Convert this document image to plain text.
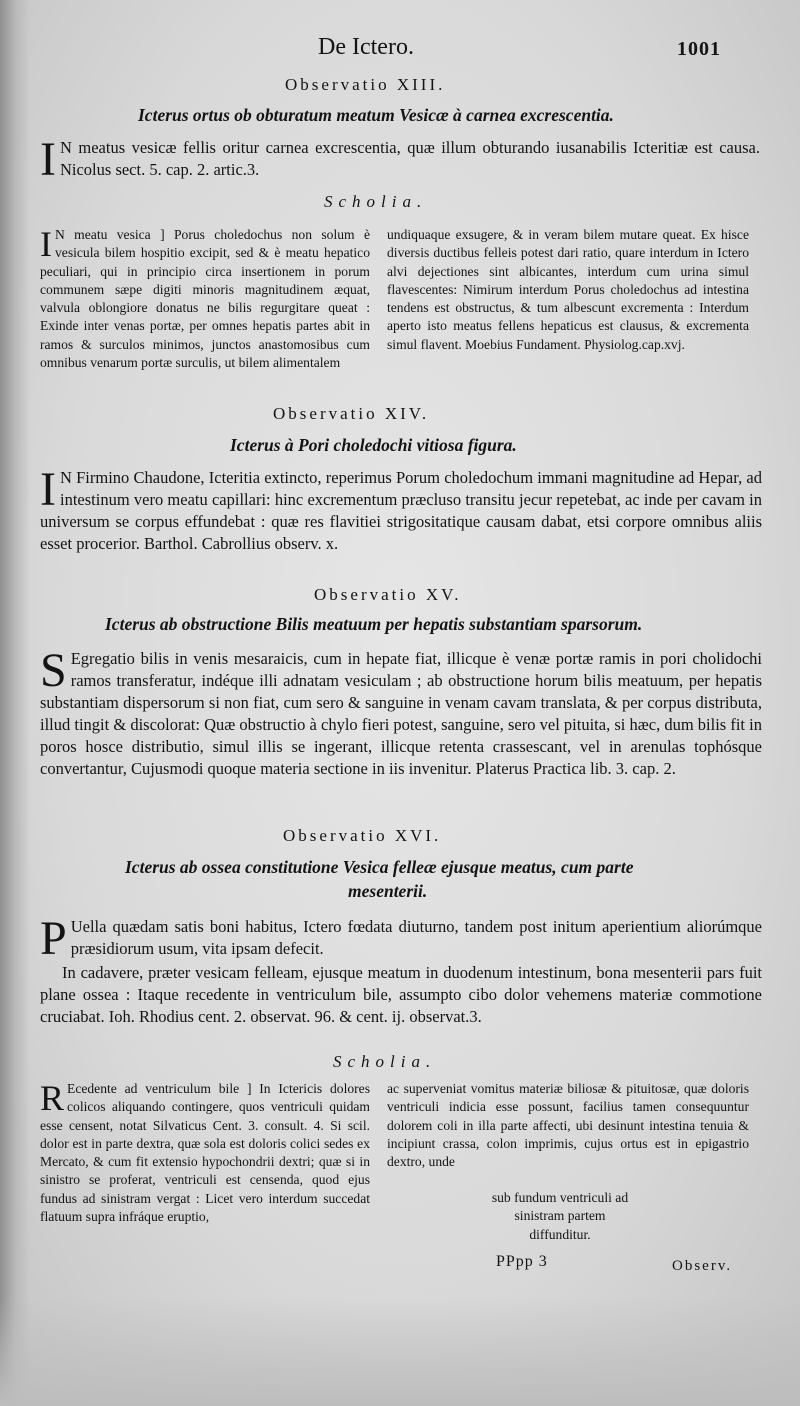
De Ictero.	1001
Observatio XIII.
Icterus ortus ob obturatum meatum Vesicæ à carnea excrescentia.
I N meatus vesicæ fellis oritur carnea excrescentia, quæ illum obturando iusanabilis Icteritiæ est causa. Nicolus sect. 5. cap. 2. artic.3.
Scholia.
I N meatu vesica ] Porus choledochus non solum è vesicula bilem hospitio excipit, sed & è meatu hepatico peculiari, qui in principio circa insertionem in porum communem sæpe digiti minoris magnitudinem æquat, valvula oblongiore donatus ne bilis regurgitare queat : Exinde inter venas portæ, per omnes hepatis partes abit in ramos & surculos minimos, junctos anastomosibus cum omnibus venarum portæ surculis, ut bilem alimentalem
undiquaque exsugere, & in veram bilem mutare queat. Ex hisce diversis ductibus felleis potest dari ratio, quare interdum in Ictero alvi dejectiones sint albicantes, interdum cum urina simul flavescentes: Nimirum interdum Porus choledochus ad intestina tendens est obstructus, & tum albescunt excrementa : Interdum aperto isto meatus fellens hepaticus est clausus, & excrementa simul flavent. Moebius Fundament. Physiolog.cap.xvj.
Observatio XIV.
Icterus à Pori choledochi vitiosa figura.
I N Firmino Chaudone, Icteritia extincto, reperimus Porum choledochum immani magnitudine ad Hepar, ad intestinum vero meatu capillari: hinc excrementum præcluso transitu jecur repetebat, ac inde per cavam in universum se corpus effundebat : quæ res flavitiei strigositatique causam dabat, etsi corpore omnibus aliis esset procerior. Barthol. Cabrollius observ. x.
Observatio XV.
Icterus ab obstructione Bilis meatuum per hepatis substantiam sparsorum.
S Egregatio bilis in venis mesaraicis, cum in hepate fiat, illicque è venæ portæ ramis in pori cholidochi ramos transferatur, indéque illi adnatam vesiculam ; ab obstructione horum bilis meatuum, per hepatis substantiam dispersorum si non fiat, cum sero & sanguine in venam cavam translata, & per corpus distributa, illud tingit & discolorat: Quæ obstructio à chylo fieri potest, sanguine, sero vel pituita, si hæc, dum bilis fit in poros hosce distributio, simul illis se ingerant, illicque retenta crassescant, vel in arenulas tophósque convertantur, Cujusmodi quoque materia sectione in iis invenitur. Platerus Practica lib. 3. cap. 2.
Observatio XVI.
Icterus ab ossea constitutione Vesica felleæ ejusque meatus, cum parte
mesenterii.
P Uella quædam satis boni habitus, Ictero fœdata diuturno, tandem post initum aperientium aliorúmque præsidiorum usum, vita ipsam defecit.
In cadavere, præter vesicam felleam, ejusque meatum in duodenum intestinum, bona mesenterii pars fuit plane ossea : Itaque recedente in ventriculum bile, assumpto cibo dolor vehemens materiæ commotione cruciabat. Ioh. Rhodius cent. 2. observat. 96. & cent. ij. observat.3.
Scholia.
R Ecedente ad ventriculum bile ] In Ictericis dolores colicos aliquando contingere, quos ventriculi quidam esse censent, notat Silvaticus Cent. 3. consult. 4. Si scil. dolor est in parte dextra, quæ sola est doloris colici sedes ex Mercato, & cum fit extensio hypochondrii dextri; quæ si in sinistro se proferat, ventriculi est censenda, quod ejus fundus ad sinistram vergat : Licet vero interdum succedat flatuum supra infráque eruptio,
ac superveniat vomitus materiæ biliosæ & pituitosæ, quæ doloris ventriculi indicia esse possunt, facilius tamen consequuntur dolorem coli in illa parte affecti, ubi desinunt intestina tenuia & incipiunt crassa, colon imprimis, cujus ortus est in epigastrio dextro, unde
sub fundum ventriculi ad
sinistram partem
diffunditur.
PPpp 3	Observ.
